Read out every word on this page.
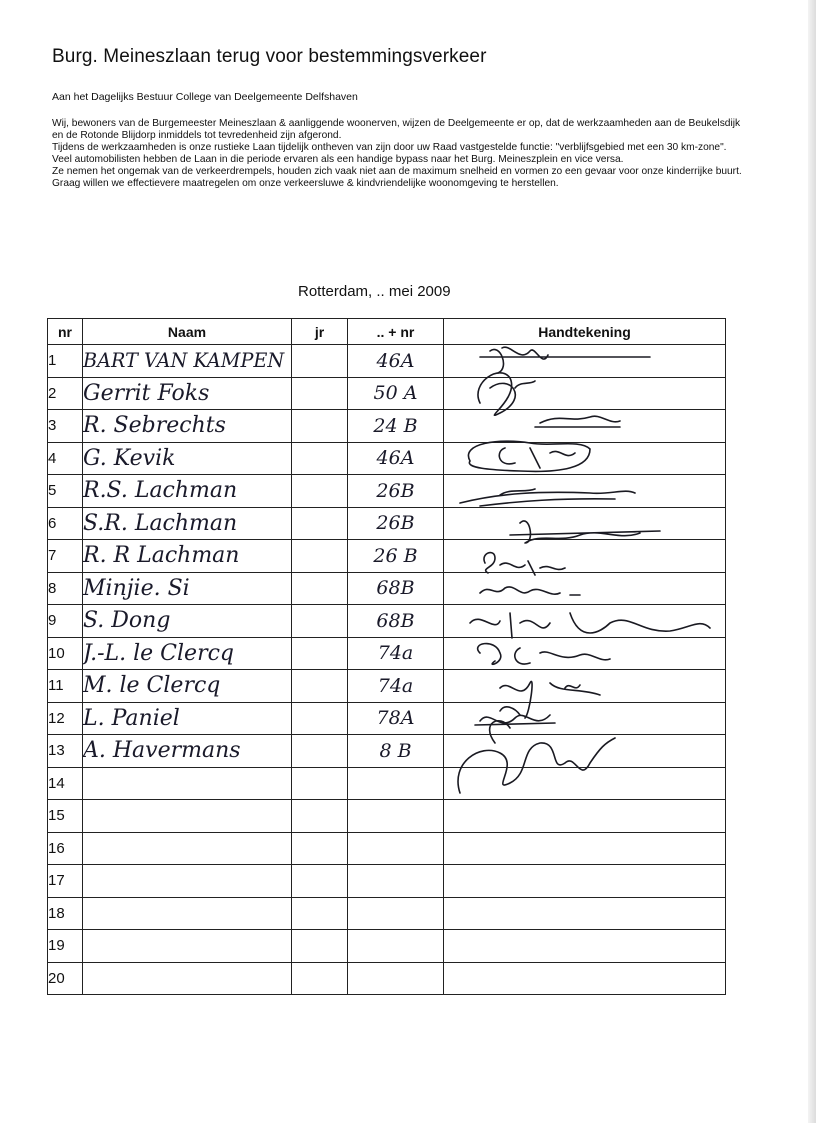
Burg. Meineszlaan terug voor bestemmingsverkeer
Aan het Dagelijks Bestuur College van Deelgemeente Delfshaven

Wij, bewoners van de Burgemeester Meineszlaan & aanliggende woonerven, wijzen de Deelgemeente er op, dat de werkzaamheden aan de Beukelsdijk en de Rotonde Blijdorp inmiddels tot tevredenheid zijn afgerond.

Tijdens de werkzaamheden is onze rustieke Laan tijdelijk ontheven van zijn door uw Raad vastgestelde functie: "verblijfsgebied met een 30 km-zone".

Veel automobilisten hebben de Laan in die periode ervaren als een handige bypass naar het Burg. Meineszplein en vice versa.

Ze nemen het ongemak van de verkeerdrempels, houden zich vaak niet aan de maximum snelheid en vormen zo een gevaar voor onze kinderrijke buurt.

Graag willen we effectievere maatregelen om onze verkeersluwe & kindvriendelijke woonomgeving te herstellen.

Rotterdam, .. mei 2009
nr	Naam	jr	.. + nr	Handtekening
1	BART VAN KAMPEN		46A	
2	Gerrit Foks		50 A	
3	R. Sebrechts		24 B	
4	G. Kevik		46A	
5	R.S. Lachman		26B	
6	S.R. Lachman		26B	
7	R. R Lachman		26 B	
8	Minjie. Si		68B	
9	S. Dong		68B	
10	J.-L. le Clercq		74a	
11	M. le Clercq		74a	
12	L. Paniel		78A	
13	A. Havermans		8 B	
14				
15				
16				
17				
18				
19				
20				
